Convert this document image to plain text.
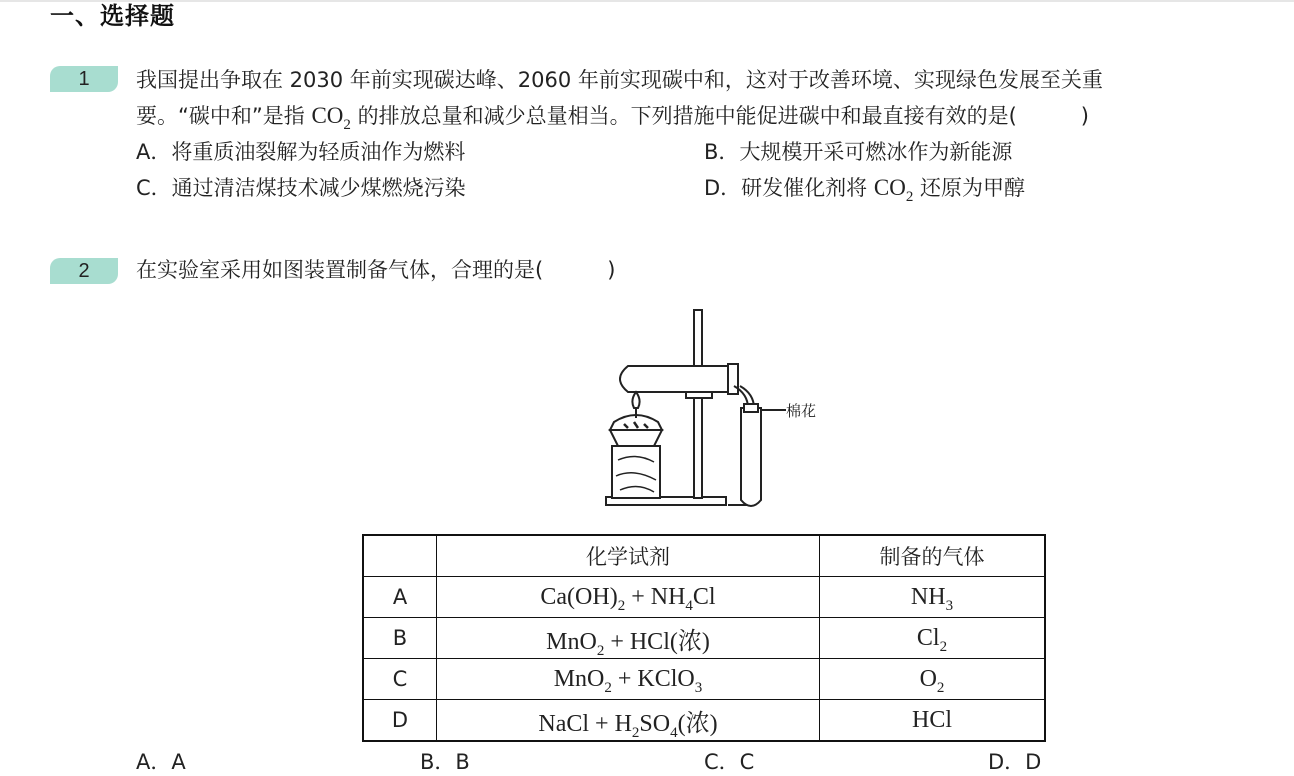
一、选择题
1	我国提出争取在 2030 年前实现碳达峰、2060 年前实现碳中和，这对于改善环境、实现绿色发展至关重
要。“碳中和”是指 $CO_2$ 的排放总量和减少总量相当。下列措施中能促进碳中和最直接有效的是(	)
A．将重质油裂解为轻质油作为燃料	B．大规模开采可燃冰作为新能源
C．通过清洁煤技术减少煤燃烧污染	D．研发催化剂将 $CO_2$ 还原为甲醇
2	在实验室采用如图装置制备气体，合理的是(	)
棉花
	化学试剂	制备的气体
A	$Ca(OH)_2 + NH_4Cl$	$NH_3$
B	MnO$_2$ + HCl(浓)	$Cl_2$
C	MnO$_2$ + KClO$_3$	$O_2$
D	NaCl + $H_2SO_4$(浓)	HCl
A．A	B．B	C．C	D．D
